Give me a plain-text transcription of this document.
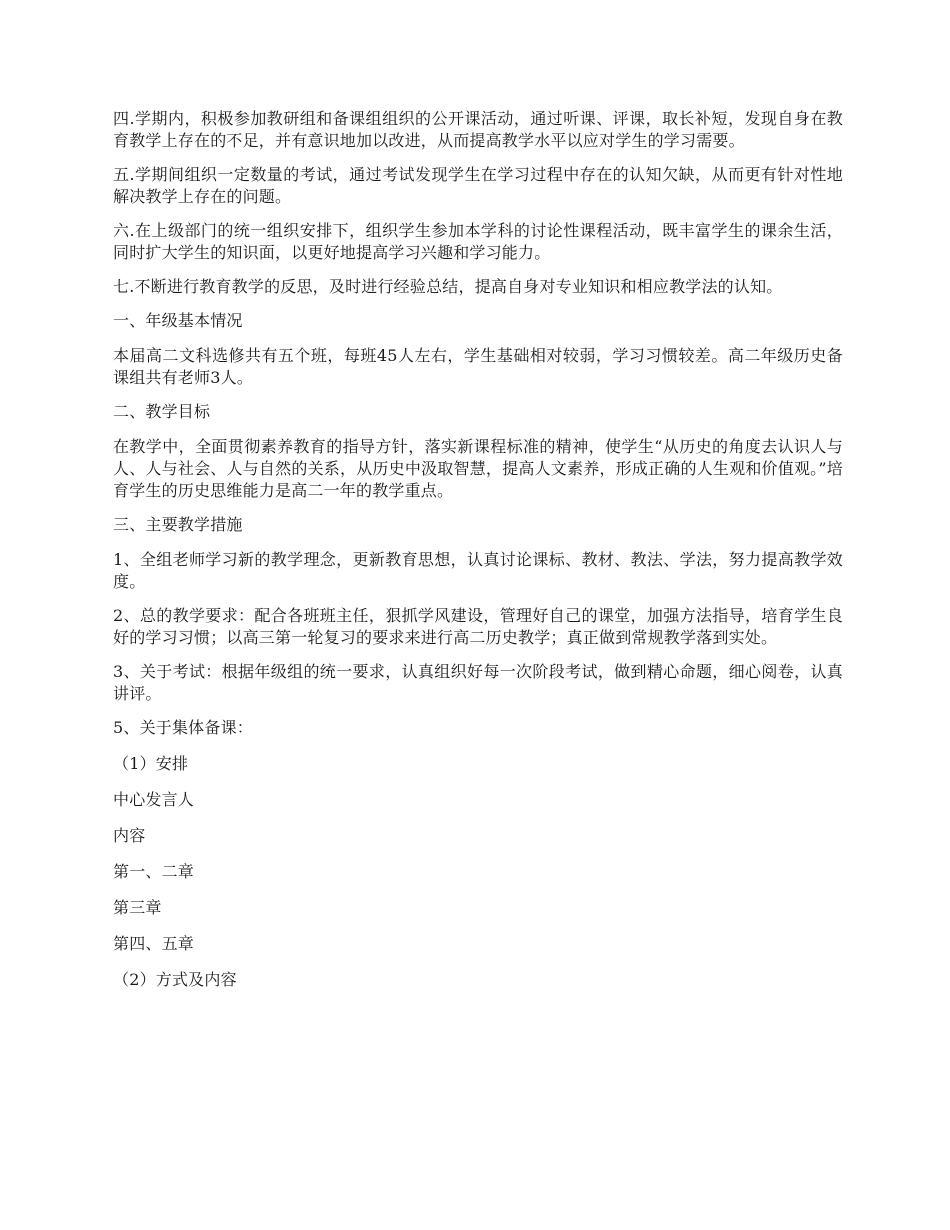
四.学期内，积极参加教研组和备课组组织的公开课活动，通过听课、评课，取长补短，发现自身在教育教学上存在的不足，并有意识地加以改进，从而提高教学水平以应对学生的学习需要。

五.学期间组织一定数量的考试，通过考试发现学生在学习过程中存在的认知欠缺，从而更有针对性地解决教学上存在的问题。

六.在上级部门的统一组织安排下，组织学生参加本学科的讨论性课程活动，既丰富学生的课余生活，同时扩大学生的知识面，以更好地提高学习兴趣和学习能力。

七.不断进行教育教学的反思，及时进行经验总结，提高自身对专业知识和相应教学法的认知。

一、年级基本情况

本届高二文科选修共有五个班，每班45人左右，学生基础相对较弱，学习习惯较差。高二年级历史备课组共有老师3人。

二、教学目标

在教学中，全面贯彻素养教育的指导方针，落实新课程标准的精神，使学生“从历史的角度去认识人与人、人与社会、人与自然的关系，从历史中汲取智慧，提高人文素养，形成正确的人生观和价值观。”培育学生的历史思维能力是高二一年的教学重点。

三、主要教学措施

1、全组老师学习新的教学理念，更新教育思想，认真讨论课标、教材、教法、学法，努力提高教学效度。

2、总的教学要求：配合各班班主任，狠抓学风建设，管理好自己的课堂，加强方法指导，培育学生良好的学习习惯；以高三第一轮复习的要求来进行高二历史教学；真正做到常规教学落到实处。

3、关于考试：根据年级组的统一要求，认真组织好每一次阶段考试，做到精心命题，细心阅卷，认真讲评。

5、关于集体备课：

（1）安排

中心发言人

内容

第一、二章

第三章

第四、五章

（2）方式及内容
